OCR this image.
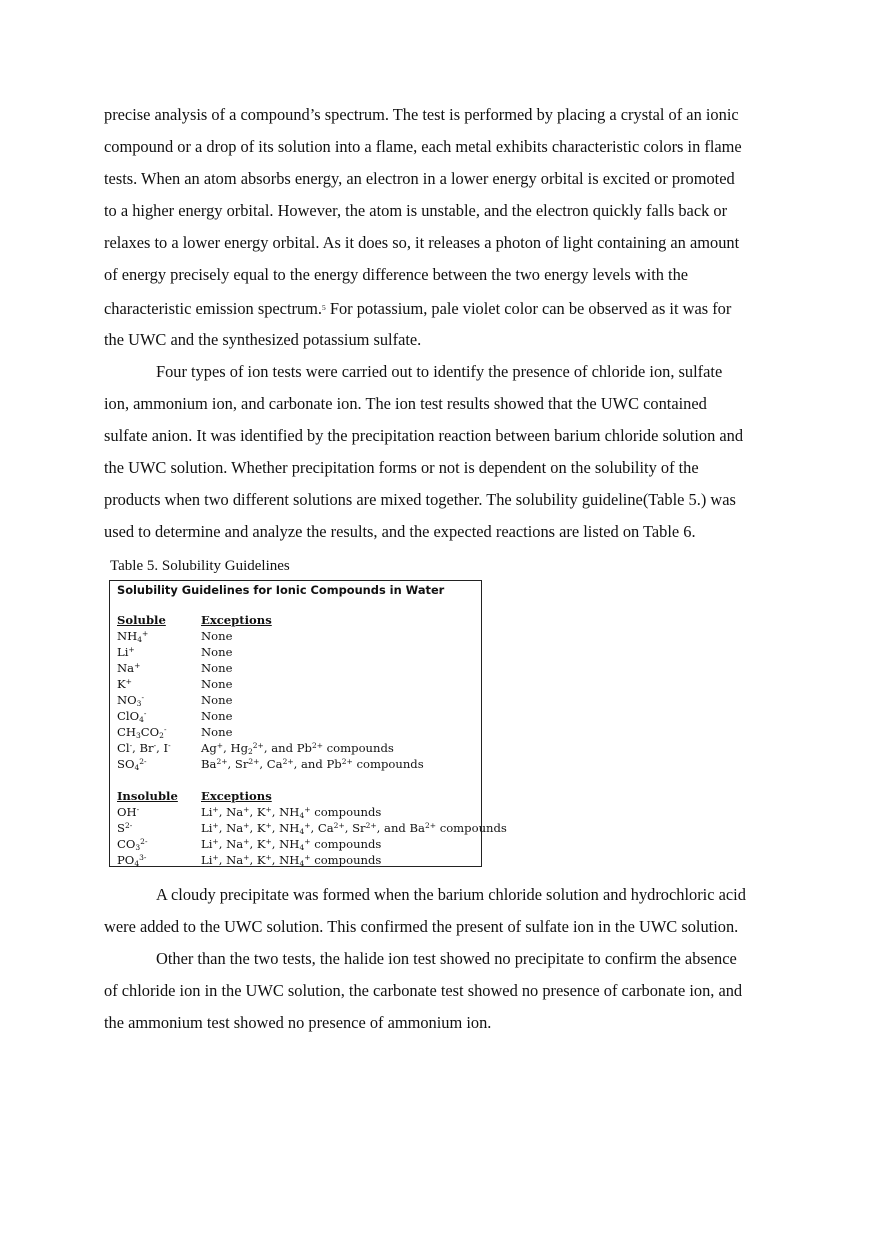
precise analysis of a compound’s spectrum. The test is performed by placing a crystal of an ionic
compound or a drop of its solution into a flame, each metal exhibits characteristic colors in flame
tests. When an atom absorbs energy, an electron in a lower energy orbital is excited or promoted
to a higher energy orbital. However, the atom is unstable, and the electron quickly falls back or
relaxes to a lower energy orbital. As it does so, it releases a photon of light containing an amount
of energy precisely equal to the energy difference between the two energy levels with the
characteristic emission spectrum.$^5$ For potassium, pale violet color can be observed as it was for
the UWC and the synthesized potassium sulfate.
Four types of ion tests were carried out to identify the presence of chloride ion, sulfate
ion, ammonium ion, and carbonate ion. The ion test results showed that the UWC contained
sulfate anion. It was identified by the precipitation reaction between barium chloride solution and
the UWC solution. Whether precipitation forms or not is dependent on the solubility of the
products when two different solutions are mixed together. The solubility guideline(Table 5.) was
used to determine and analyze the results, and the expected reactions are listed on Table 6.
Table 5. Solubility Guidelines
Solubility Guidelines for Ionic Compounds in Water
Soluble	Exceptions
$NH_4^+$	None
Li+	None
Na+	None
K+	None
$NO_3^-$	None
ClO$_4$-	None
$CH_3CO_2^-$	None
Cl-, Br-, I-	Ag+, $Hg_2^{2+}$, and $Pb^{2+}$ compounds
$SO_4^{2-}$	$Ba^{2+}$, $Sr^{2+}$, $Ca^{2+}$, and $Pb^{2+}$ compounds
Insoluble Exceptions
OH-	Li+, Na+, K+, $NH_4^+$ compounds
$S^{2-}$	Li+, Na+, K+, $NH_4^+$, $Ca^{2+}$, $Sr^{2+}$, and $Ba^{2+}$ compounds
$CO_3^{2-}$	Li+, Na+, K+, $NH_4^+$ compounds
$PO_4^{3-}$	Li+, Na+, K+, $NH_4^+$ compounds
A cloudy precipitate was formed when the barium chloride solution and hydrochloric acid
were added to the UWC solution. This confirmed the present of sulfate ion in the UWC solution.
Other than the two tests, the halide ion test showed no precipitate to confirm the absence
of chloride ion in the UWC solution, the carbonate test showed no presence of carbonate ion, and
the ammonium test showed no presence of ammonium ion.
